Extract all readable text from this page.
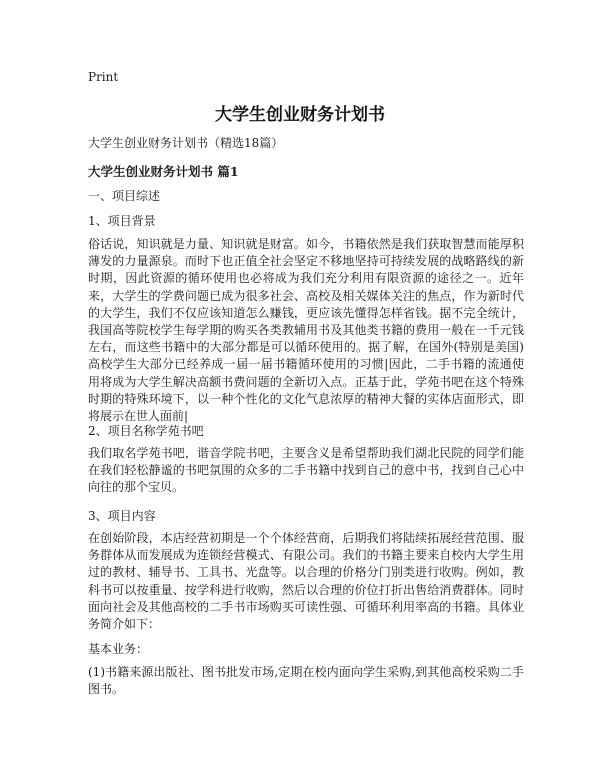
Print
大学生创业财务计划书
大学生创业财务计划书（精选18篇）
大学生创业财务计划书 篇1
一、项目综述
1、项目背景
俗话说，知识就是力量、知识就是财富。如今，书籍依然是我们获取智慧而能厚积薄发的力量源泉。而时下也正值全社会坚定不移地坚持可持续发展的战略路线的新时期，因此资源的循环使用也必将成为我们充分利用有限资源的途径之一。近年来，大学生的学费问题已成为很多社会、高校及相关媒体关注的焦点，作为新时代的大学生，我们不仅应该知道怎么赚钱，更应该先懂得怎样省钱。据不完全统计，我国高等院校学生每学期的购买各类教辅用书及其他类书籍的费用一般在一千元钱左右，而这些书籍中的大部分都是可以循环使用的。据了解，在国外(特别是美国)高校学生大部分已经养成一届一届书籍循环使用的习惯|因此，二手书籍的流通使用将成为大学生解决高额书费问题的全新切入点。正基于此，学苑书吧在这个特殊时期的特殊环境下，以一种个性化的文化气息浓厚的精神大餐的实体店面形式，即将展示在世人面前|
2、项目名称学苑书吧
我们取名学苑书吧，谐音学院书吧，主要含义是希望帮助我们湖北民院的同学们能在我们轻松静谧的书吧氛围的众多的二手书籍中找到自己的意中书，找到自己心中向往的那个宝贝。
3、项目内容
在创始阶段，本店经营初期是一个个体经营商，后期我们将陆续拓展经营范围、服务群体从而发展成为连锁经营模式、有限公司。我们的书籍主要来自校内大学生用过的教材、辅导书、工具书、光盘等。以合理的价格分门别类进行收购。例如，教科书可以按重量、按学科进行收购，然后以合理的价位打折出售给消费群体。同时面向社会及其他高校的二手书市场购买可读性强、可循环利用率高的书籍。具体业务简介如下：
基本业务：
(1)书籍来源出版社、图书批发市场,定期在校内面向学生采购,到其他高校采购二手图书。
